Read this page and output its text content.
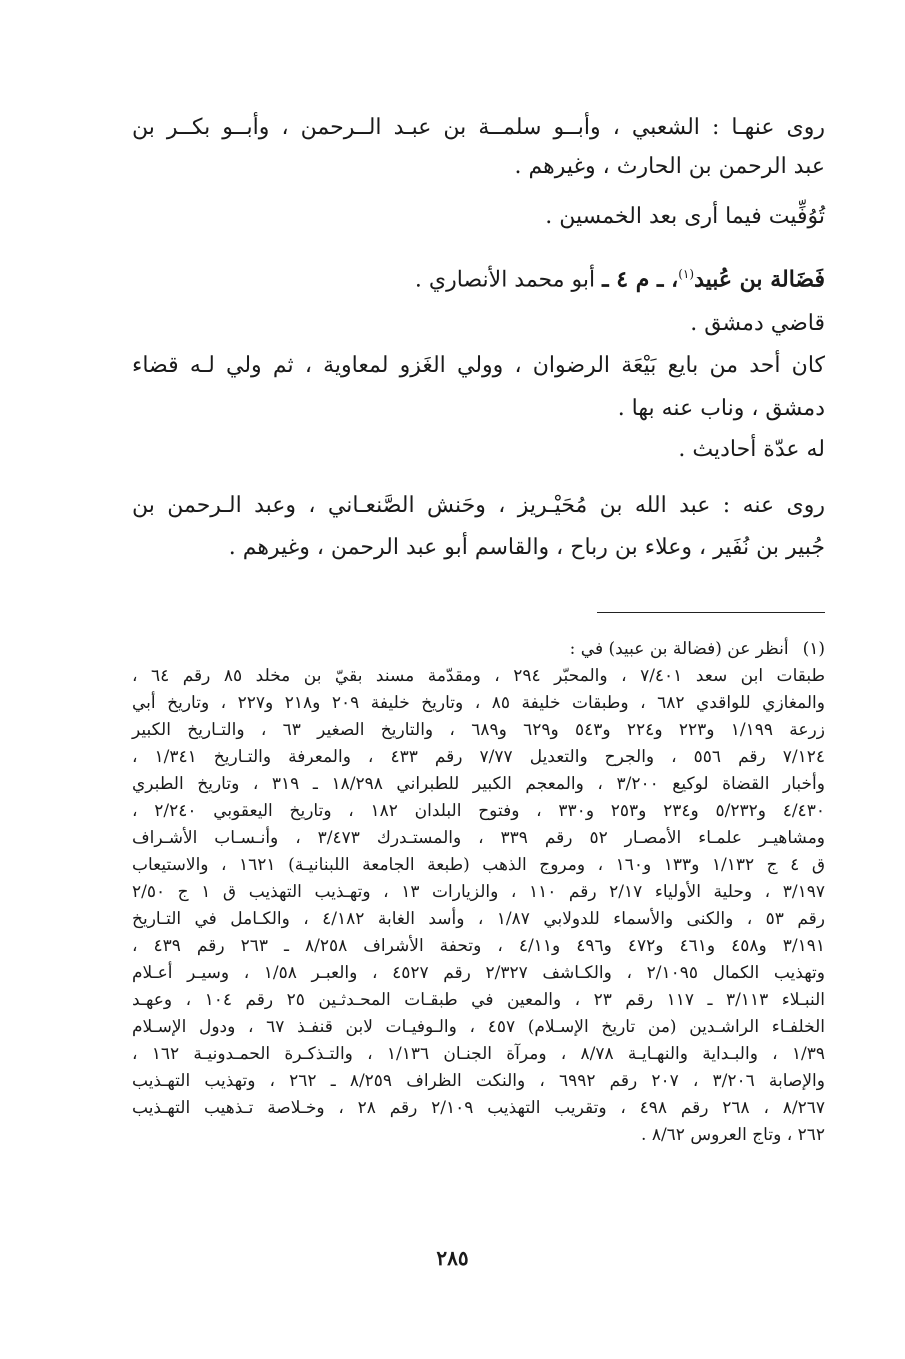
روى عنهـا : الشعبي ، وأبــو سلمــة بن عبـد الــرحمن ، وأبــو بكــر بن
عبد الرحمن بن الحارث ، وغيرهم .
تُوُفِّيت فيما أرى بعد الخمسين .
فَضَالة بن عُبيد$^{(١)}$، ـ م ٤ ـ أبو محمد الأنصاري .
قاضي دمشق .
كان أحد من بايع بَيْعَة الرضوان ، وولي الغَزو لمعاوية ، ثم ولي لـه قضاء
دمشق ، وناب عنه بها .
له عدّة أحاديث .
روى عنه : عبد الله بن مُحَيْـريز ، وحَنش الصَّنعـاني ، وعبد الـرحمن بن
جُبير بن نُفَير ، وعلاء بن رباح ، والقاسم أبو عبد الرحمن ، وغيرهم .
(١)أنظر عن (فضالة بن عبيد) في :
طبقات ابن سعد ٧/٤٠١ ، والمحبّر ٢٩٤ ، ومقدّمة مسند بقيّ بن مخلد ٨٥ رقم ٦٤ ،
والمغازي للواقدي ٦٨٢ ، وطبقات خليفة ٨٥ ، وتاريخ خليفة ٢٠٩ و٢١٨ و٢٢٧ ، وتاريخ أبي
زرعة ١/١٩٩ و٢٢٣ و٢٢٤ و٥٤٣ و٦٢٩ و٦٨٩ ، والتاريخ الصغير ٦٣ ، والتـاريخ الكبير
٧/١٢٤ رقم ٥٥٦ ، والجرح والتعديل ٧/٧٧ رقم ٤٣٣ ، والمعرفة والتـاريخ ١/٣٤١ ،
وأخبار القضاة لوكيع ٣/٢٠٠ ، والمعجم الكبير للطبراني ١٨/٢٩٨ ـ ٣١٩ ، وتاريخ الطبري
٤/٤٣٠ و٥/٢٣٢ و٢٣٤ و٢٥٣ و٣٣٠ ، وفتوح البلدان ١٨٢ ، وتاريخ اليعقوبي ٢/٢٤٠ ،
ومشاهيـر علمـاء الأمصـار ٥٢ رقم ٣٣٩ ، والمستـدرك ٣/٤٧٣ ، وأنـسـاب الأشـراف
ق ٤ ج ١/١٣٢ و١٣٣ و١٦٠ ، ومروج الذهب (طبعة الجامعة اللبنانيـة) ١٦٢١ ، والاستيعاب
٣/١٩٧ ، وحلية الأولياء ٢/١٧ رقم ١١٠ ، والزيارات ١٣ ، وتهـذيب التهذيب ق ١ ج ٢/٥٠
رقم ٥٣ ، والكنى والأسماء للدولابي ١/٨٧ ، وأسد الغابة ٤/١٨٢ ، والكـامل في التـاريخ
٣/١٩١ و٤٥٨ و٤٦١ و٤٧٢ و٤٩٦ و٤/١١ ، وتحفة الأشراف ٨/٢٥٨ ـ ٢٦٣ رقم ٤٣٩ ،
وتهذيب الكمال ٢/١٠٩٥ ، والكـاشف ٢/٣٢٧ رقم ٤٥٢٧ ، والعبـر ١/٥٨ ، وسيـر أعـلام
النبـلاء ٣/١١٣ ـ ١١٧ رقم ٢٣ ، والمعين في طبقـات المحـدثـين ٢٥ رقم ١٠٤ ، وعهـد
الخلفـاء الراشـدين (من تاريخ الإسـلام) ٤٥٧ ، والـوفيـات لابن قنفـذ ٦٧ ، ودول الإسـلام
١/٣٩ ، والبـداية والنهـايـة ٨/٧٨ ، ومرآة الجنـان ١/١٣٦ ، والتـذكـرة الحمـدونيـة ١٦٢ ،
والإصابة ٣/٢٠٦ ، ٢٠٧ رقم ٦٩٩٢ ، والنكت الظراف ٨/٢٥٩ ـ ٢٦٢ ، وتهذيب التهـذيب
٨/٢٦٧ ، ٢٦٨ رقم ٤٩٨ ، وتقريب التهذيب ٢/١٠٩ رقم ٢٨ ، وخـلاصة تـذهيب التهـذيب
٢٦٢ ، وتاج العروس ٨/٦٢ .
٢٨٥
